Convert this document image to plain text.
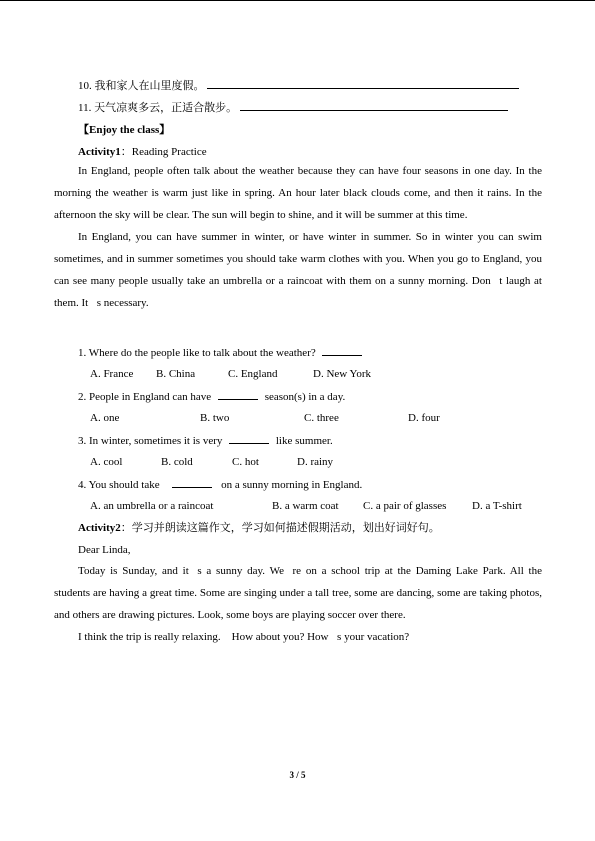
10. 我和家人在山里度假。
11. 天气凉爽多云，正适合散步。
【Enjoy the class】
Activity1：Reading Practice

In England, people often talk about the weather because they can have four seasons in one day. In the morning the weather is warm just like in spring. An hour later black clouds come, and then it rains. In the afternoon the sky will be clear. The sun will begin to shine, and it will be summer at this time.

In England, you can have summer in winter, or have winter in summer. So in winter you can swim sometimes, and in summer sometimes you should take warm clothes with you. When you go to England, you can see many people usually take an umbrella or a raincoat with them on a sunny morning. Don t laugh at them. It s necessary.

1. Where do the people like to talk about the weather?
A. France B. China	C. England	D. New York
2. People in England can have	season(s) in a day.
A. one	B. two	C. three	D. four
3. In winter, sometimes it is very	like summer.
A. cool	B. cold	C. hot	D. rainy
4. You should take	on a sunny morning in England.
A. an umbrella or a raincoat	B. a warm coat C. a pair of glasses D. a T-shirt
Activity2：学习并朗读这篇作文，学习如何描述假期活动，划出好词好句。
Dear Linda,

Today is Sunday, and it s a sunny day. We re on a school trip at the Daming Lake Park. All the students are having a great time. Some are singing under a tall tree, some are dancing, some are taking photos, and others are drawing pictures. Look, some boys are playing soccer over there.

I think the trip is really relaxing.    How about you? How s your vacation?

3 / 5
